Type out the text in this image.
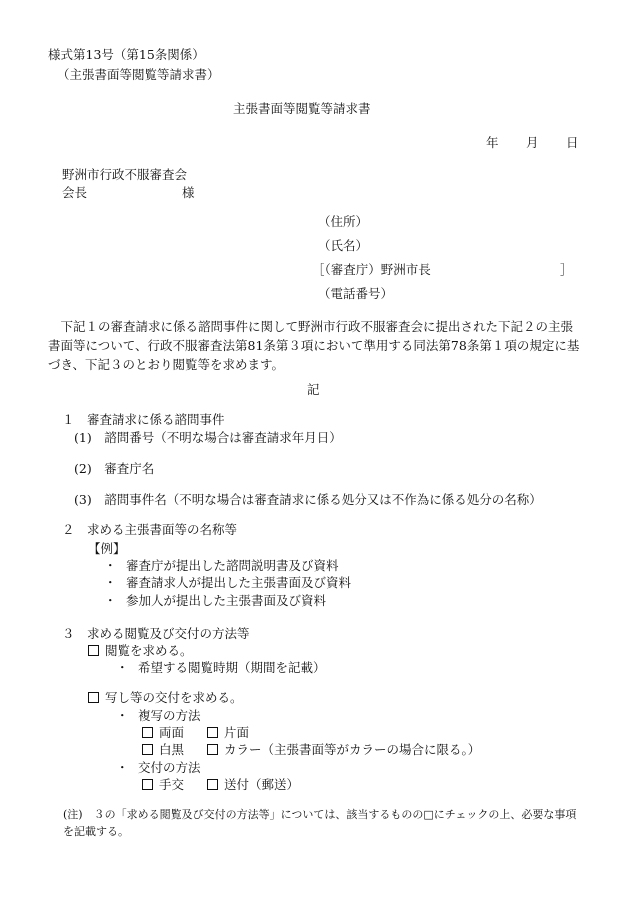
様式第13号（第15条関係）
（主張書面等閲覧等請求書）
主張書面等閲覧等請求書
年 月 日
野洲市行政不服審査会
会長	様
（住所）
（氏名）
［（審査庁）野洲市長	］
（電話番号）
下記１の審査請求に係る諮問事件に関して野洲市行政不服審査会に提出された下記２の主張書面等について、行政不服審査法第81条第３項において準用する同法第78条第１項の規定に基づき、下記３のとおり閲覧等を求めます。
記
１　審査請求に係る諮問事件
(1)　諮問番号（不明な場合は審査請求年月日）
(2)　審査庁名
(3)　諮問事件名（不明な場合は審査請求に係る処分又は不作為に係る処分の名称）
２　求める主張書面等の名称等
【例】
・ 審査庁が提出した諮問説明書及び資料
・ 審査請求人が提出した主張書面及び資料
・ 参加人が提出した主張書面及び資料
３　求める閲覧及び交付の方法等
閲覧を求める。
・ 希望する閲覧時期（期間を記載）
写し等の交付を求める。
・ 複写の方法
両面	片面
白黒	カラー（主張書面等がカラーの場合に限る。）
・ 交付の方法
手交	送付（郵送）
(注)　３の「求める閲覧及び交付の方法等」については、該当するものの□にチェックの上、必要な事項を記載する。
